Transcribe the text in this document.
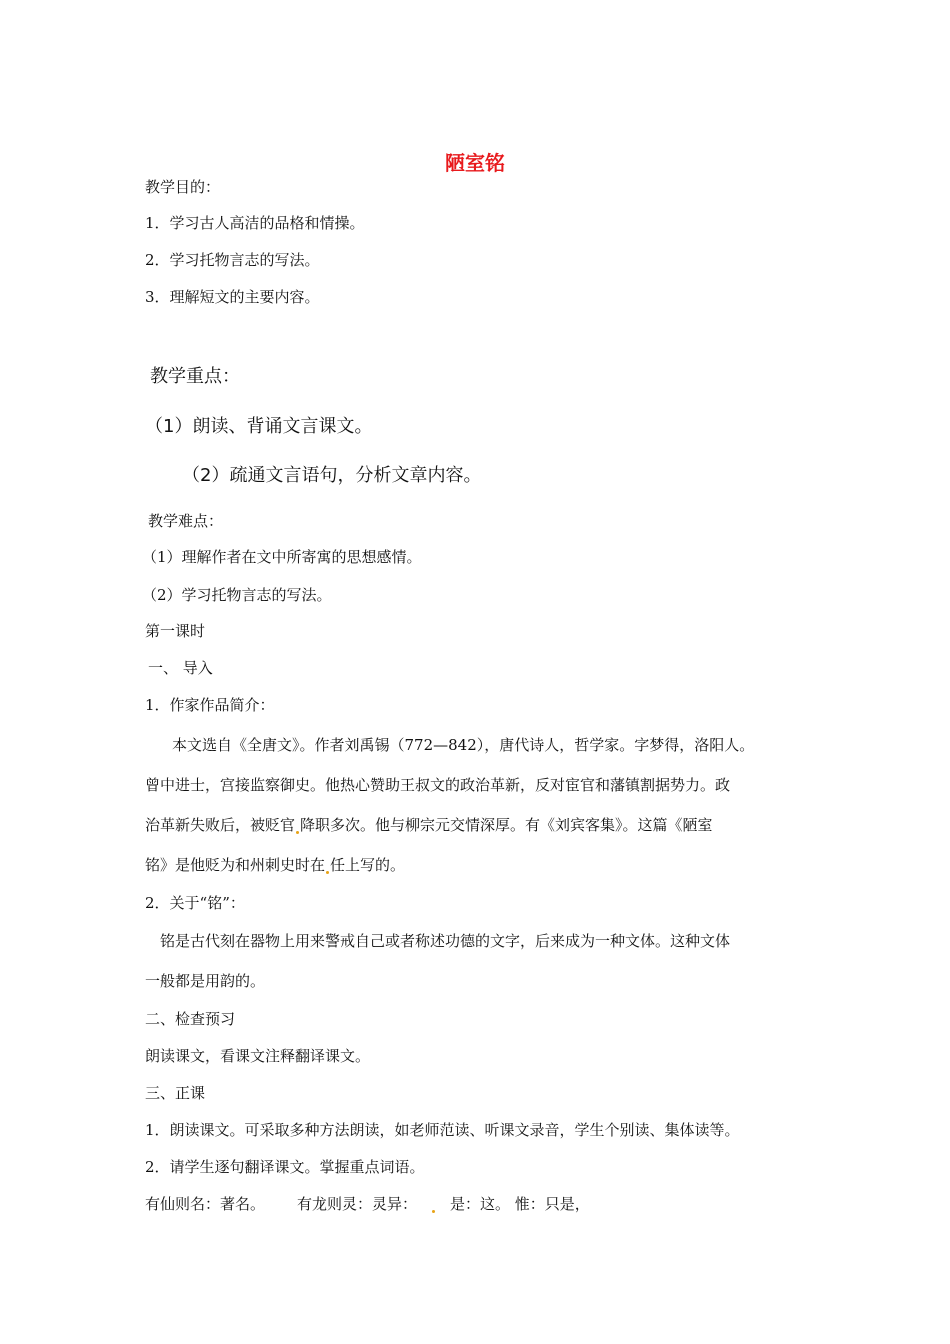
陋室铭
教学目的：
1．学习古人高洁的品格和情操。
2．学习托物言志的写法。
3．理解短文的主要内容。
教学重点：
（1）朗读、背诵文言课文。
（2）疏通文言语句，分析文章内容。
教学难点：
（1）理解作者在文中所寄寓的思想感情。
（2）学习托物言志的写法。
第一课时
一、 导入
1．作家作品简介：
本文选自《全唐文》。作者刘禹锡（772—842），唐代诗人，哲学家。字梦得，洛阳人。
曾中进士，宫接监察御史。他热心赞助王叔文的政治革新，反对宦官和藩镇割据势力。政
治革新失败后，被贬官 降职多次。他与柳宗元交情深厚。有《刘宾客集》。这篇《陋室
铭》是他贬为和州刺史时在 任上写的。
2．关于“铭”：
铭是古代刻在器物上用来警戒自己或者称述功德的文字，后来成为一种文体。这种文体
一般都是用韵的。
二、检查预习
朗读课文，看课文注释翻译课文。
三、正课
1．朗读课文。可采取多种方法朗读，如老师范读、听课文录音，学生个别读、集体读等。
2．请学生逐句翻译课文。掌握重点词语。
有仙则名：著名。 有龙则灵：灵异： 是：这。 惟：只是，
